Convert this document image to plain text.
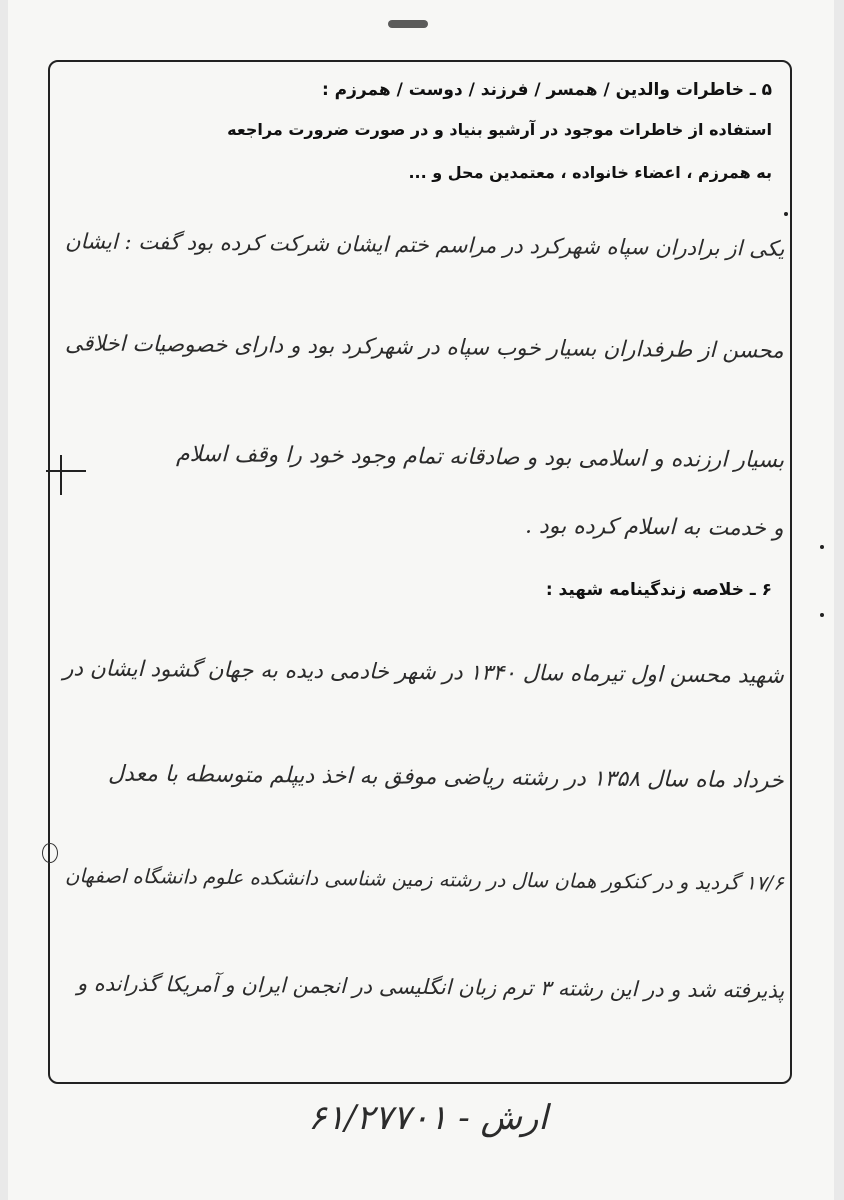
۵ ـ خاطرات والدین / همسر / فرزند / دوست / همرزم :
استفاده از خاطرات موجود در آرشیو بنیاد و در صورت ضرورت مراجعه
به همرزم ، اعضاء خانواده ، معتمدین محل و ...
یکی از برادران سپاه شهرکرد در مراسم ختم ایشان شرکت کرده بود گفت : ایشان
محسن از طرفداران بسیار خوب سپاه در شهرکرد بود و دارای خصوصیات اخلاقی
بسیار ارزنده و اسلامی بود و صادقانه تمام وجود خود را وقف اسلام
و خدمت به اسلام کرده بود .
۶ ـ خلاصه زندگینامه شهید :
شهید محسن اول تیرماه سال ۱۳۴۰ در شهر خادمی دیده به جهان گشود ایشان در
خرداد ماه سال ۱۳۵۸ در رشته ریاضی موفق به اخذ دیپلم متوسطه با معدل
۱۷/۶ گردید و در کنکور همان سال در رشته زمین شناسی دانشکده علوم دانشگاه اصفهان
پذیرفته شد و در این رشته ۳ ترم زبان انگلیسی در انجمن ایران و آمریکا گذرانده و
ارش - ۶۱/۲۷۷۰۱
